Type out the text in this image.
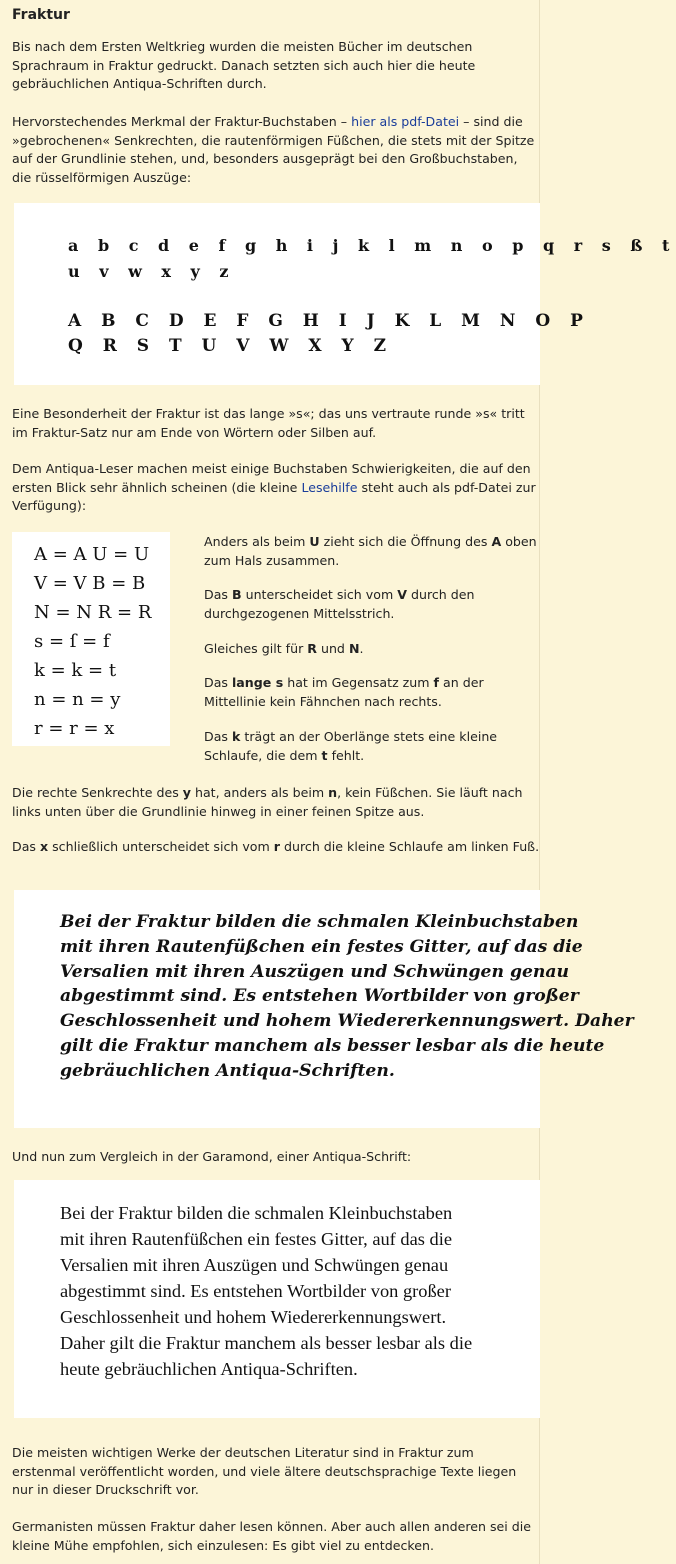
Fraktur

Bis nach dem Ersten Weltkrieg wurden die meisten Bücher im deutschen Sprachraum in Fraktur gedruckt. Danach setzten sich auch hier die heute gebräuchlichen Antiqua-Schriften durch.

Hervorstechendes Merkmal der Fraktur-Buchstaben – hier als pdf-Datei – sind die »gebrochenen« Senkrechten, die rautenförmigen Füßchen, die stets mit der Spitze auf der Grundlinie stehen, und, besonders ausgeprägt bei den Großbuchstaben, die rüsselförmigen Auszüge:

a b c d e f g h i j k l m n o p q r s ß t
u v w x y z
A B C D E F G H I J K L M N O P
Q R S T U V W X Y Z

Eine Besonderheit der Fraktur ist das lange »s«; das uns vertraute runde »s« tritt im Fraktur-Satz nur am Ende von Wörtern oder Silben auf.

Dem Antiqua-Leser machen meist einige Buchstaben Schwierigkeiten, die auf den ersten Blick sehr ähnlich scheinen (die kleine Lesehilfe steht auch als pdf-Datei zur Verfügung):

A = A U = U
V = V B = B
N = N R = R
s = ſ = f
k = k = t
n = n = y
r = r = x

Anders als beim U zieht sich die Öffnung des A oben zum Hals zusammen.

Das B unterscheidet sich vom V durch den durchgezogenen Mittelsstrich.

Gleiches gilt für R und N.

Das lange s hat im Gegensatz zum f an der Mittellinie kein Fähnchen nach rechts.

Das k trägt an der Oberlänge stets eine kleine Schlaufe, die dem t fehlt.

Die rechte Senkrechte des y hat, anders als beim n, kein Füßchen. Sie läuft nach links unten über die Grundlinie hinweg in einer feinen Spitze aus.

Das x schließlich unterscheidet sich vom r durch die kleine Schlaufe am linken Fuß.

Bei der Fraktur bilden die schmalen Kleinbuchstaben
mit ihren Rautenfüßchen ein festes Gitter, auf das die
Versalien mit ihren Auszügen und Schwüngen genau
abgestimmt sind. Es entstehen Wortbilder von großer
Geschlossenheit und hohem Wiedererkennungswert. Daher
gilt die Fraktur manchem als besser lesbar als die heute
gebräuchlichen Antiqua-Schriften.

Und nun zum Vergleich in der Garamond, einer Antiqua-Schrift:

Bei der Fraktur bilden die schmalen Kleinbuchstaben
mit ihren Rautenfüßchen ein festes Gitter, auf das die
Versalien mit ihren Auszügen und Schwüngen genau
abgestimmt sind. Es entstehen Wortbilder von großer
Geschlossenheit und hohem Wiedererkennungswert.
Daher gilt die Fraktur manchem als besser lesbar als die
heute gebräuchlichen Antiqua-Schriften.

Die meisten wichtigen Werke der deutschen Literatur sind in Fraktur zum erstenmal veröffentlicht worden, und viele ältere deutschsprachige Texte liegen nur in dieser Druckschrift vor.

Germanisten müssen Fraktur daher lesen können. Aber auch allen anderen sei die kleine Mühe empfohlen, sich einzulesen: Es gibt viel zu entdecken.
